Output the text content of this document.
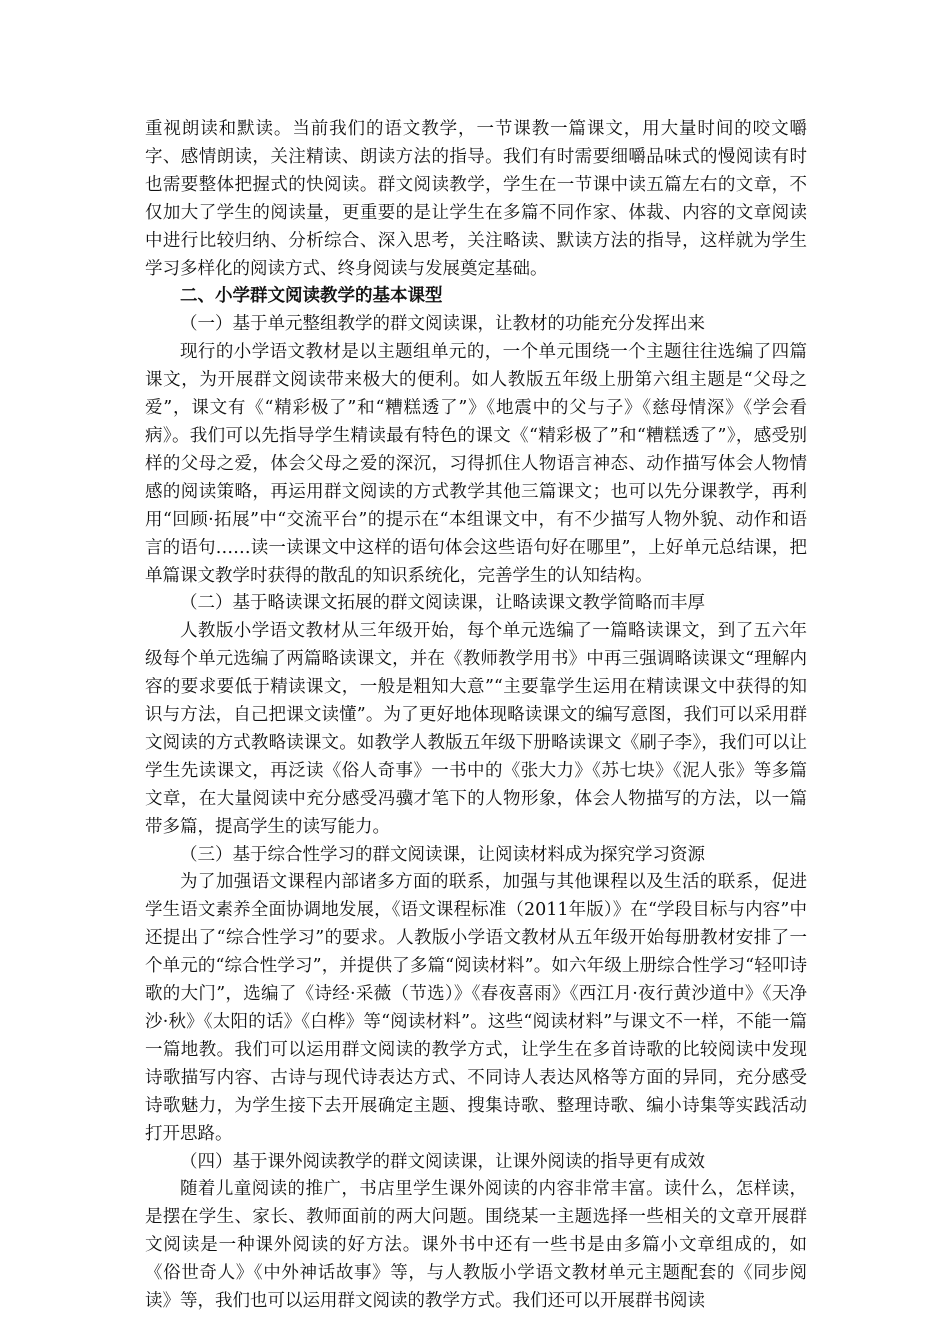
重视朗读和默读。当前我们的语文教学，一节课教一篇课文，用大量时间的咬文嚼字、感情朗读，关注精读、朗读方法的指导。我们有时需要细嚼品味式的慢阅读有时也需要整体把握式的快阅读。群文阅读教学，学生在一节课中读五篇左右的文章，不仅加大了学生的阅读量，更重要的是让学生在多篇不同作家、体裁、内容的文章阅读中进行比较归纳、分析综合、深入思考，关注略读、默读方法的指导，这样就为学生学习多样化的阅读方式、终身阅读与发展奠定基础。

二、小学群文阅读教学的基本课型

（一）基于单元整组教学的群文阅读课，让教材的功能充分发挥出来

现行的小学语文教材是以主题组单元的，一个单元围绕一个主题往往选编了四篇课文，为开展群文阅读带来极大的便利。如人教版五年级上册第六组主题是“父母之爱”，课文有《“精彩极了”和“糟糕透了”》《地震中的父与子》《慈母情深》《学会看病》。我们可以先指导学生精读最有特色的课文《“精彩极了”和“糟糕透了”》，感受别样的父母之爱，体会父母之爱的深沉，习得抓住人物语言神态、动作描写体会人物情感的阅读策略，再运用群文阅读的方式教学其他三篇课文；也可以先分课教学，再利用“回顾·拓展”中“交流平台”的提示在“本组课文中，有不少描写人物外貌、动作和语言的语句……读一读课文中这样的语句体会这些语句好在哪里”，上好单元总结课，把单篇课文教学时获得的散乱的知识系统化，完善学生的认知结构。

（二）基于略读课文拓展的群文阅读课，让略读课文教学简略而丰厚

人教版小学语文教材从三年级开始，每个单元选编了一篇略读课文，到了五六年级每个单元选编了两篇略读课文，并在《教师教学用书》中再三强调略读课文“理解内容的要求要低于精读课文，一般是粗知大意”“主要靠学生运用在精读课文中获得的知识与方法，自己把课文读懂”。为了更好地体现略读课文的编写意图，我们可以采用群文阅读的方式教略读课文。如教学人教版五年级下册略读课文《刷子李》，我们可以让学生先读课文，再泛读《俗人奇事》一书中的《张大力》《苏七块》《泥人张》等多篇文章，在大量阅读中充分感受冯骥才笔下的人物形象，体会人物描写的方法，以一篇带多篇，提高学生的读写能力。

（三）基于综合性学习的群文阅读课，让阅读材料成为探究学习资源

为了加强语文课程内部诸多方面的联系，加强与其他课程以及生活的联系，促进学生语文素养全面协调地发展，《语文课程标准（2011年版）》在“学段目标与内容”中还提出了“综合性学习”的要求。人教版小学语文教材从五年级开始每册教材安排了一个单元的“综合性学习”，并提供了多篇“阅读材料”。如六年级上册综合性学习“轻叩诗歌的大门”，选编了《诗经·采薇（节选）》《春夜喜雨》《西江月·夜行黄沙道中》《天净沙·秋》《太阳的话》《白桦》等“阅读材料”。这些“阅读材料”与课文不一样，不能一篇一篇地教。我们可以运用群文阅读的教学方式，让学生在多首诗歌的比较阅读中发现诗歌描写内容、古诗与现代诗表达方式、不同诗人表达风格等方面的异同，充分感受诗歌魅力，为学生接下去开展确定主题、搜集诗歌、整理诗歌、编小诗集等实践活动打开思路。

（四）基于课外阅读教学的群文阅读课，让课外阅读的指导更有成效

随着儿童阅读的推广，书店里学生课外阅读的内容非常丰富。读什么，怎样读，是摆在学生、家长、教师面前的两大问题。围绕某一主题选择一些相关的文章开展群文阅读是一种课外阅读的好方法。课外书中还有一些书是由多篇小文章组成的，如《俗世奇人》《中外神话故事》等，与人教版小学语文教材单元主题配套的《同步阅读》等，我们也可以运用群文阅读的教学方式。我们还可以开展群书阅读
